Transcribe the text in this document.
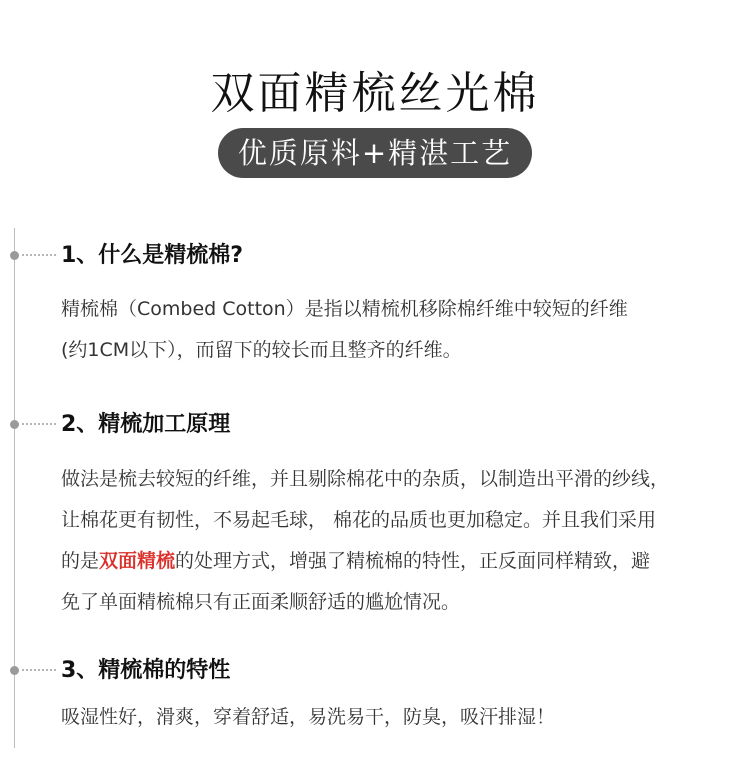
双面精梳丝光棉
优质原料+精湛工艺
1、什么是精梳棉?
精梳棉（Combed Cotton）是指以精梳机移除棉纤维中较短的纤维
(约1CM以下），而留下的较长而且整齐的纤维。
2、精梳加工原理
做法是梳去较短的纤维，并且剔除棉花中的杂质，以制造出平滑的纱线，
让棉花更有韧性，不易起毛球， 棉花的品质也更加稳定。并且我们采用
的是双面精梳的处理方式，增强了精梳棉的特性，正反面同样精致，避
免了单面精梳棉只有正面柔顺舒适的尴尬情况。
3、精梳棉的特性
吸湿性好，滑爽，穿着舒适，易洗易干，防臭，吸汗排湿！
